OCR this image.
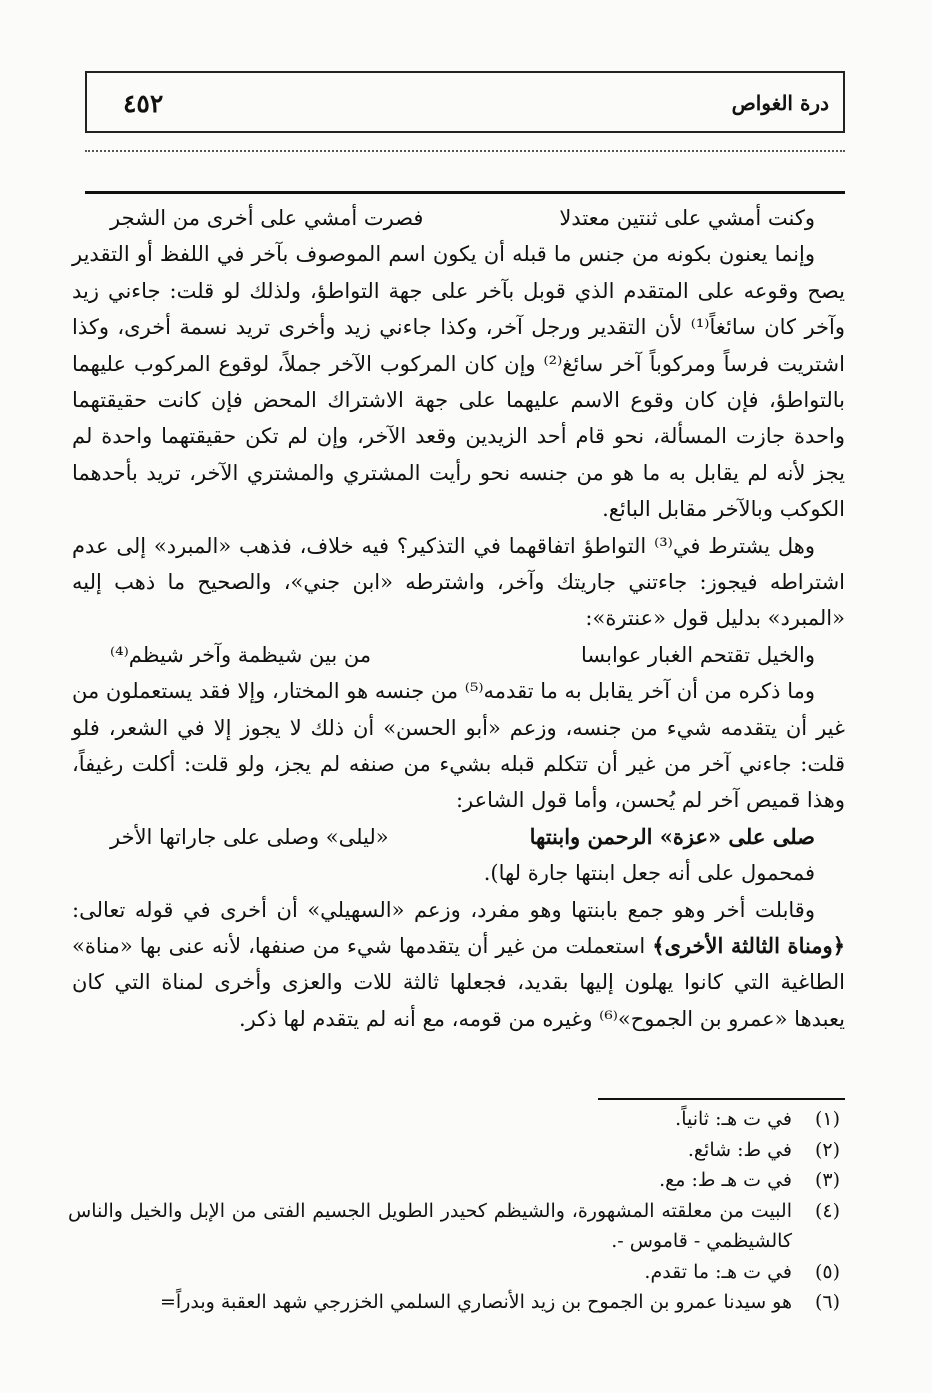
٤٥٢	درة الغواص
وكنت أمشي على ثنتين معتدلا
فصرت أمشي على أخرى من الشجر

وإنما يعنون بكونه من جنس ما قبله أن يكون اسم الموصوف بآخر في اللفظ أو التقدير يصح وقوعه على المتقدم الذي قوبل بآخر على جهة التواطؤ، ولذلك لو قلت: جاءني زيد وآخر كان سائغاً⁽¹⁾ لأن التقدير ورجل آخر، وكذا جاءني زيد وأخرى تريد نسمة أخرى، وكذا اشتريت فرساً ومركوباً آخر سائغ⁽²⁾ وإن كان المركوب الآخر جملاً، لوقوع المركوب عليهما بالتواطؤ، فإن كان وقوع الاسم عليهما على جهة الاشتراك المحض فإن كانت حقيقتهما واحدة جازت المسألة، نحو قام أحد الزيدين وقعد الآخر، وإن لم تكن حقيقتهما واحدة لم يجز لأنه لم يقابل به ما هو من جنسه نحو رأيت المشتري والمشتري الآخر، تريد بأحدهما الكوكب وبالآخر مقابل البائع.

وهل يشترط في⁽³⁾ التواطؤ اتفاقهما في التذكير؟ فيه خلاف، فذهب «المبرد» إلى عدم اشتراطه فيجوز: جاءتني جاريتك وآخر، واشترطه «ابن جني»، والصحيح ما ذهب إليه «المبرد» بدليل قول «عنترة»:

والخيل تقتحم الغبار عوابسا
من بين شيظمة وآخر شيظم⁽⁴⁾

وما ذكره من أن آخر يقابل به ما تقدمه⁽⁵⁾ من جنسه هو المختار، وإلا فقد يستعملون من غير أن يتقدمه شيء من جنسه، وزعم «أبو الحسن» أن ذلك لا يجوز إلا في الشعر، فلو قلت: جاءني آخر من غير أن تتكلم قبله بشيء من صنفه لم يجز، ولو قلت: أكلت رغيفاً، وهذا قميص آخر لم يُحسن، وأما قول الشاعر:

صلى على «عزة» الرحمن وابنتها
«ليلى» وصلى على جاراتها الأخر

فمحمول على أنه جعل ابنتها جارة لها).

وقابلت أخر وهو جمع بابنتها وهو مفرد، وزعم «السهيلي» أن أخرى في قوله تعالى: ﴿ومناة الثالثة الأخرى﴾ استعملت من غير أن يتقدمها شيء من صنفها، لأنه عنى بها «مناة» الطاغية التي كانوا يهلون إليها بقديد، فجعلها ثالثة للات والعزى وأخرى لمناة التي كان يعبدها «عمرو بن الجموح»⁽⁶⁾ وغيره من قومه، مع أنه لم يتقدم لها ذكر.

(١)
في ت هـ: ثانياً.
(٢)
في ط: شائع.
(٣)
في ت هـ ط: مع.
(٤)
البيت من معلقته المشهورة، والشيظم كحيدر الطويل الجسيم الفتى من الإبل والخيل والناس كالشيظمي - قاموس -.
(٥)
في ت هـ: ما تقدم.
(٦)
هو سيدنا عمرو بن الجموح بن زيد الأنصاري السلمي الخزرجي شهد العقبة وبدراً=
